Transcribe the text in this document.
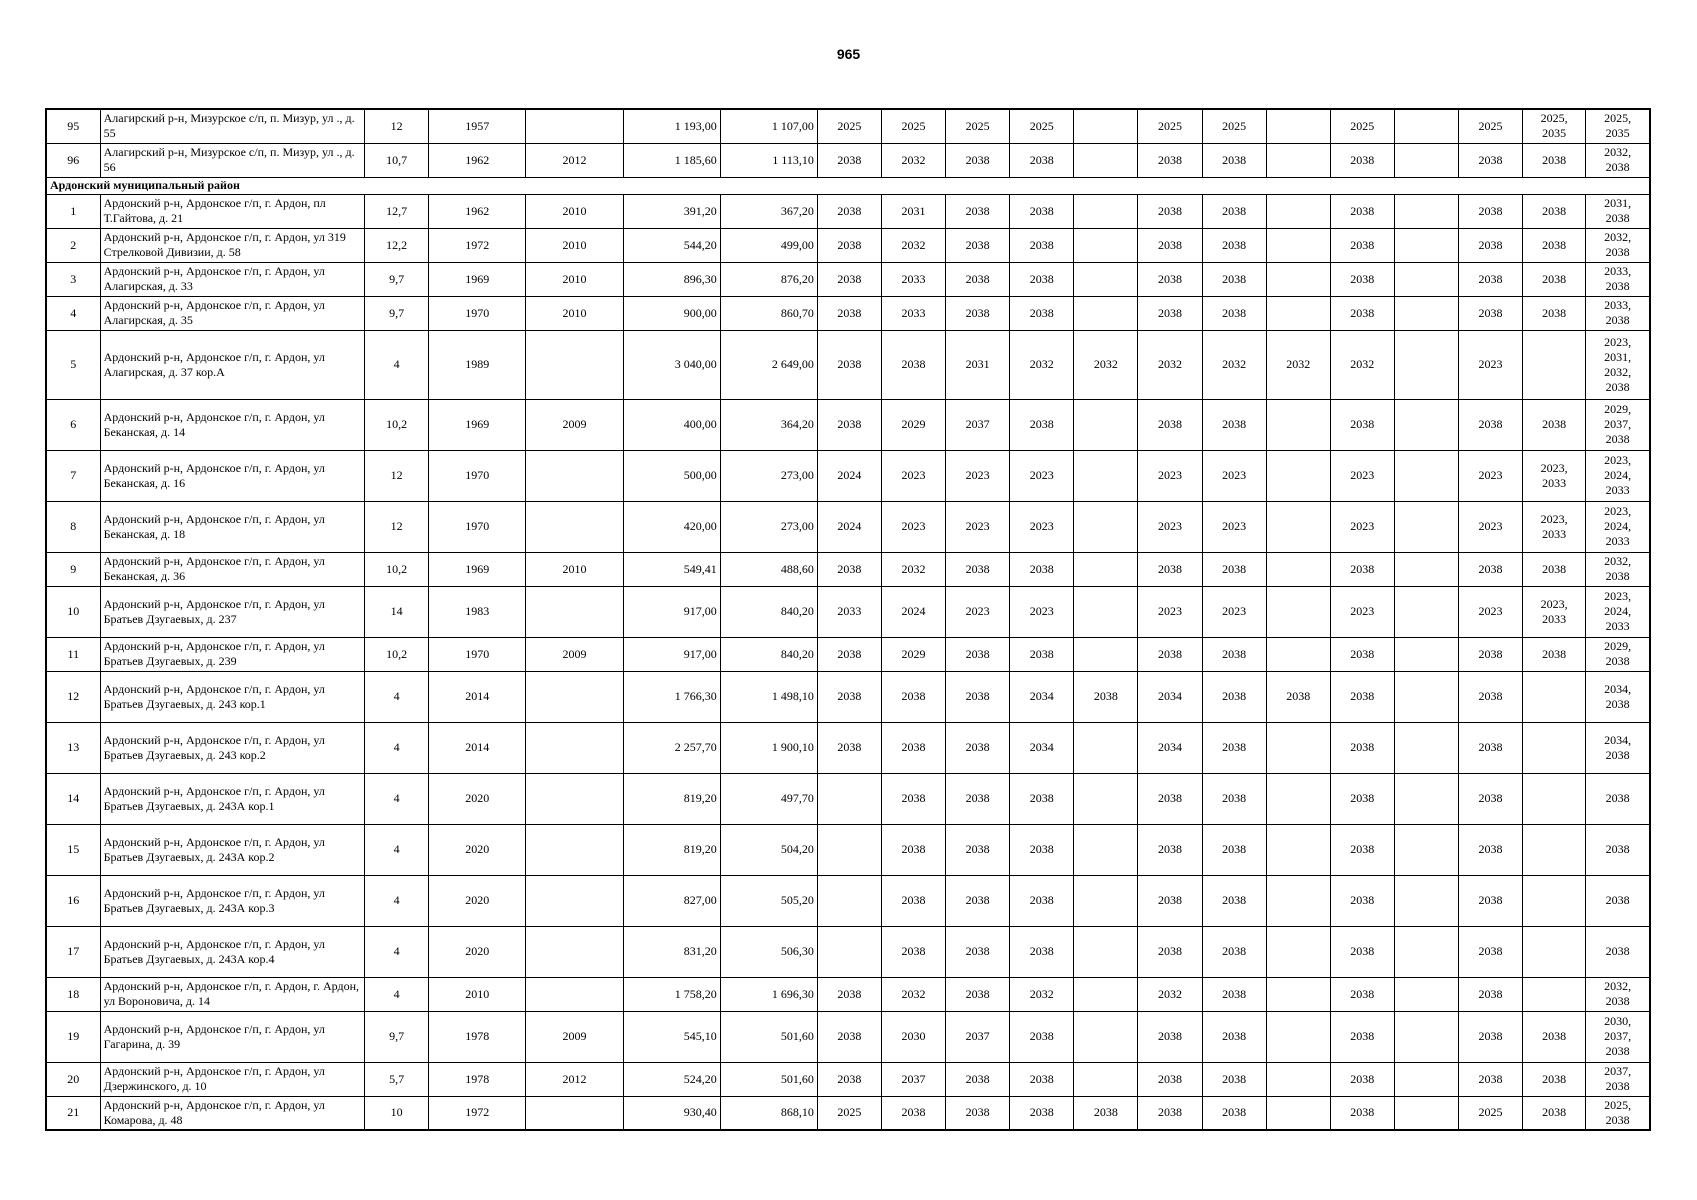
965
95	Алагирский р-н, Мизурское с/п, п. Мизур, ул ., д. 55	12	1957		1 193,00	1 107,00	2025	2025	2025	2025		2025	2025		2025		2025	2025,
2035	2025,
2035
96	Алагирский р-н, Мизурское с/п, п. Мизур, ул ., д. 56	10,7	1962	2012	1 185,60	1 113,10	2038	2032	2038	2038		2038	2038		2038		2038	2038	2032,
2038
Ардонский муниципальный район																			
1	Ардонский р-н, Ардонское г/п, г. Ардон, пл Т.Гайтова, д. 21	12,7	1962	2010	391,20	367,20	2038	2031	2038	2038		2038	2038		2038		2038	2038	2031,
2038
2	Ардонский р-н, Ардонское г/п, г. Ардон, ул 319 Стрелковой Дивизии, д. 58	12,2	1972	2010	544,20	499,00	2038	2032	2038	2038		2038	2038		2038		2038	2038	2032,
2038
3	Ардонский р-н, Ардонское г/п, г. Ардон, ул Алагирская, д. 33	9,7	1969	2010	896,30	876,20	2038	2033	2038	2038		2038	2038		2038		2038	2038	2033,
2038
4	Ардонский р-н, Ардонское г/п, г. Ардон, ул Алагирская, д. 35	9,7	1970	2010	900,00	860,70	2038	2033	2038	2038		2038	2038		2038		2038	2038	2033,
2038
5	Ардонский р-н, Ардонское г/п, г. Ардон, ул Алагирская, д. 37 кор.А	4	1989		3 040,00	2 649,00	2038	2038	2031	2032	2032	2032	2032	2032	2032		2023		2023,
2031,
2032,
2038
6	Ардонский р-н, Ардонское г/п, г. Ардон, ул Беканская, д. 14	10,2	1969	2009	400,00	364,20	2038	2029	2037	2038		2038	2038		2038		2038	2038	2029,
2037,
2038
7	Ардонский р-н, Ардонское г/п, г. Ардон, ул Беканская, д. 16	12	1970		500,00	273,00	2024	2023	2023	2023		2023	2023		2023		2023	2023,
2033	2023,
2024,
2033
8	Ардонский р-н, Ардонское г/п, г. Ардон, ул Беканская, д. 18	12	1970		420,00	273,00	2024	2023	2023	2023		2023	2023		2023		2023	2023,
2033	2023,
2024,
2033
9	Ардонский р-н, Ардонское г/п, г. Ардон, ул Беканская, д. 36	10,2	1969	2010	549,41	488,60	2038	2032	2038	2038		2038	2038		2038		2038	2038	2032,
2038
10	Ардонский р-н, Ардонское г/п, г. Ардон, ул Братьев Дзугаевых, д. 237	14	1983		917,00	840,20	2033	2024	2023	2023		2023	2023		2023		2023	2023,
2033	2023,
2024,
2033
11	Ардонский р-н, Ардонское г/п, г. Ардон, ул Братьев Дзугаевых, д. 239	10,2	1970	2009	917,00	840,20	2038	2029	2038	2038		2038	2038		2038		2038	2038	2029,
2038
12	Ардонский р-н, Ардонское г/п, г. Ардон, ул Братьев Дзугаевых, д. 243 кор.1	4	2014		1 766,30	1 498,10	2038	2038	2038	2034	2038	2034	2038	2038	2038		2038		2034,
2038
13	Ардонский р-н, Ардонское г/п, г. Ардон, ул Братьев Дзугаевых, д. 243 кор.2	4	2014		2 257,70	1 900,10	2038	2038	2038	2034		2034	2038		2038		2038		2034,
2038
14	Ардонский р-н, Ардонское г/п, г. Ардон, ул Братьев Дзугаевых, д. 243А кор.1	4	2020		819,20	497,70		2038	2038	2038		2038	2038		2038		2038		2038
15	Ардонский р-н, Ардонское г/п, г. Ардон, ул Братьев Дзугаевых, д. 243А кор.2	4	2020		819,20	504,20		2038	2038	2038		2038	2038		2038		2038		2038
16	Ардонский р-н, Ардонское г/п, г. Ардон, ул Братьев Дзугаевых, д. 243А кор.3	4	2020		827,00	505,20		2038	2038	2038		2038	2038		2038		2038		2038
17	Ардонский р-н, Ардонское г/п, г. Ардон, ул Братьев Дзугаевых, д. 243А кор.4	4	2020		831,20	506,30		2038	2038	2038		2038	2038		2038		2038		2038
18	Ардонский р-н, Ардонское г/п, г. Ардон, г. Ардон, ул Вороновича, д. 14	4	2010		1 758,20	1 696,30	2038	2032	2038	2032		2032	2038		2038		2038		2032,
2038
19	Ардонский р-н, Ардонское г/п, г. Ардон, ул Гагарина, д. 39	9,7	1978	2009	545,10	501,60	2038	2030	2037	2038		2038	2038		2038		2038	2038	2030,
2037,
2038
20	Ардонский р-н, Ардонское г/п, г. Ардон, ул Дзержинского, д. 10	5,7	1978	2012	524,20	501,60	2038	2037	2038	2038		2038	2038		2038		2038	2038	2037,
2038
21	Ардонский р-н, Ардонское г/п, г. Ардон, ул Комарова, д. 48	10	1972		930,40	868,10	2025	2038	2038	2038	2038	2038	2038		2038		2025	2038	2025,
2038
